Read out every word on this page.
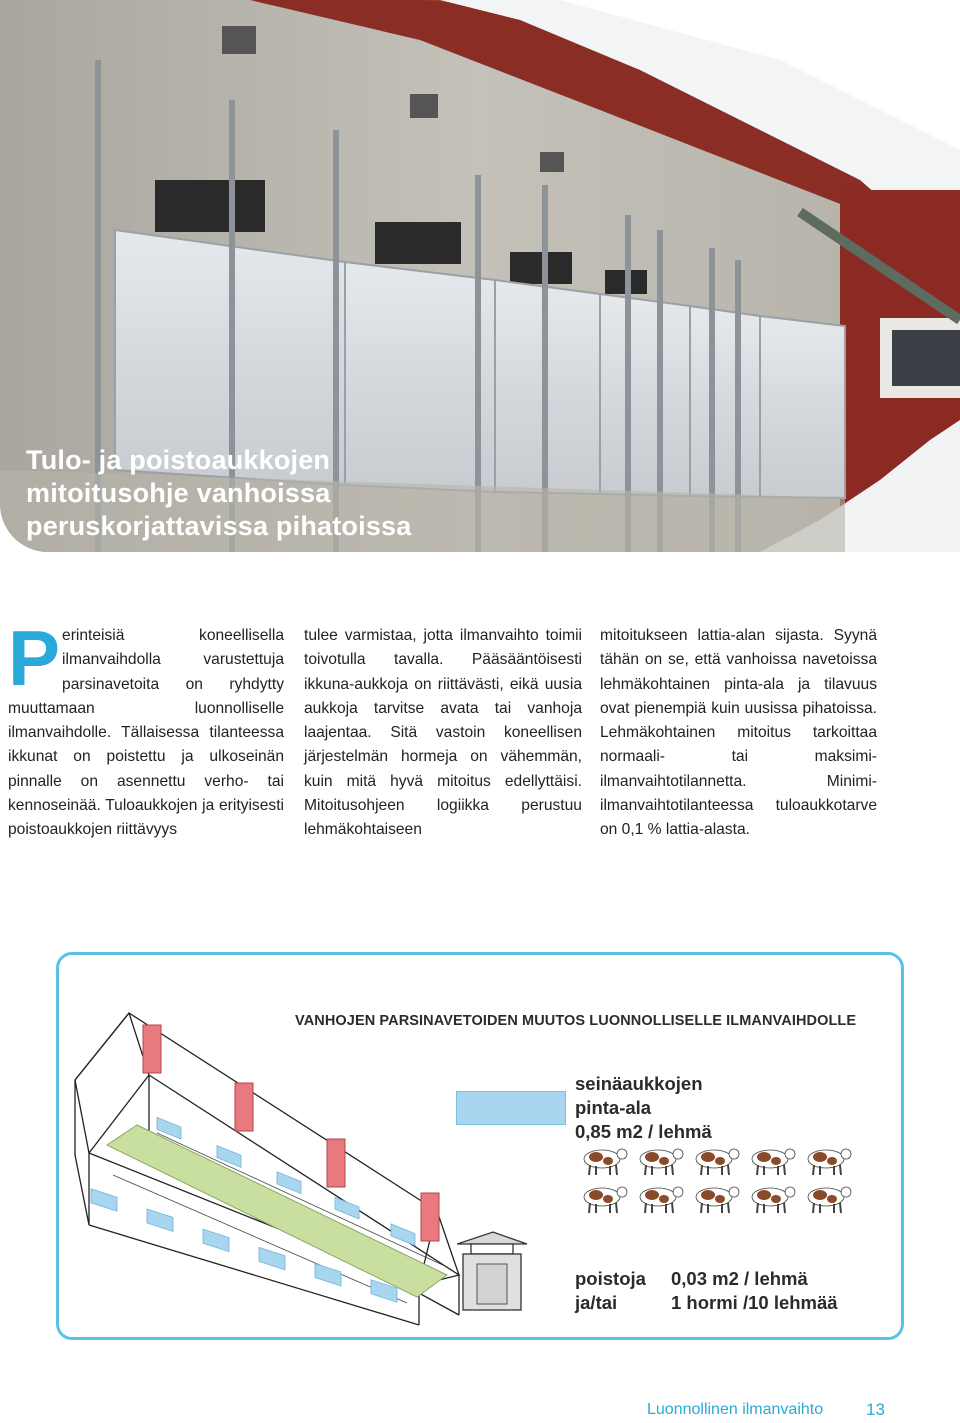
Tulo- ja poistoaukkojen
mitoitusohje vanhoissa
peruskorjattavissa pihatoissa
P erinteisiä koneellisella ilmanvaihdolla varustettuja parsinavetoita on ryhdytty muuttamaan luonnolliselle ilmanvaihdolle. Tällaisessa tilanteessa ikkunat on poistettu ja ulkoseinän pinnalle on asennettu verho- tai kennoseinää. Tuloaukkojen ja erityisesti poistoaukkojen riittävyys

tulee varmistaa, jotta ilmanvaihto toimii toivotulla tavalla. Pääsääntöisesti ikkuna-aukkoja on riittävästi, eikä uusia aukkoja tarvitse avata tai vanhoja laajentaa. Sitä vastoin koneellisen järjestelmän hormeja on vähemmän, kuin mitä hyvä mitoitus edellyttäisi. Mitoitusohjeen logiikka perustuu lehmäkohtaiseen

mitoitukseen lattia-alan sijasta. Syynä tähän on se, että vanhoissa navetoissa lehmäkohtainen pinta-ala ja tilavuus ovat pienempiä kuin uusissa pihatoissa. Lehmäkohtainen mitoitus tarkoittaa normaali- tai maksimi-ilmanvaihtotilannetta. Minimi-ilmanvaihtotilanteessa tuloaukkotarve on 0,1 % lattia-alasta.

VANHOJEN PARSINAVETOIDEN MUUTOS LUONNOLLISELLE ILMANVAIHDOLLE
seinäaukkojen
pinta-ala
0,85 m2 / lehmä
poistoja
ja/tai
0,03 m2 / lehmä
1 hormi /10 lehmää
Luonnollinen ilmanvaihto	13
